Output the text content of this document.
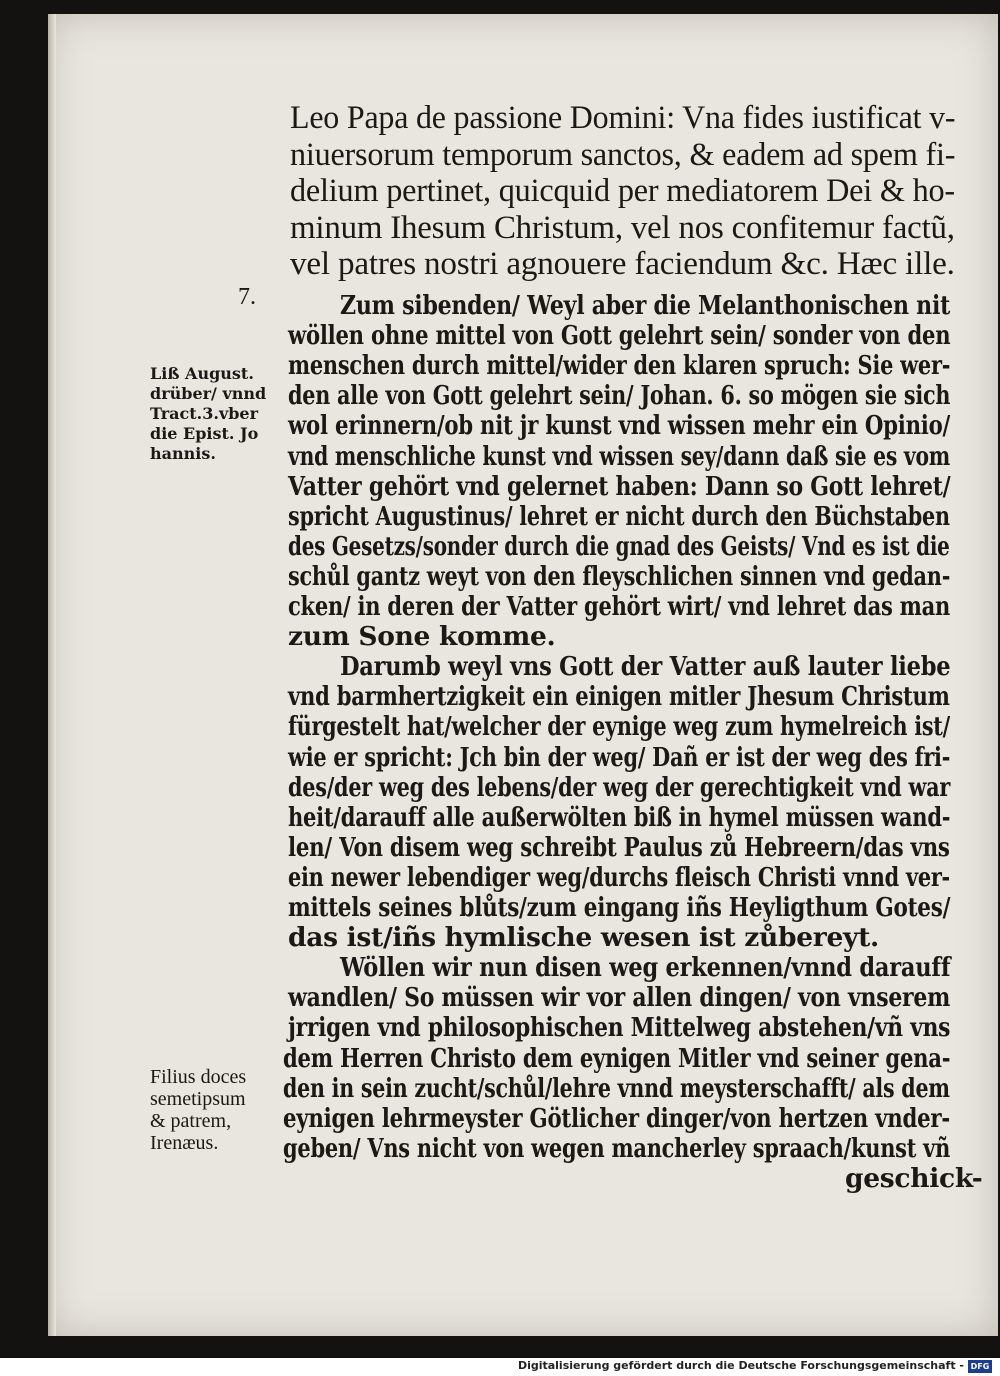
Leo Papa de passione Domini: Vna fides iustificat v-
niuersorum temporum sanctos, & eadem ad spem fi-
delium pertinet, quicquid per mediatorem Dei & ho-
minum Ihesum Christum, vel nos confitemur factũ,
vel patres nostri agnouere faciendum &c. Hæc ille.
7.	Zum sibenden/ Weyl aber die Melanthonischen nit
wöllen ohne mittel von Gott gelehrt sein/ sonder von den
menschen durch mittel/wider den klaren spruch: Sie wer-
den alle von Gott gelehrt sein/ Johan. 6. so mögen sie sich
wol erinnern/ob nit jr kunst vnd wissen mehr ein Opinio/
vnd menschliche kunst vnd wissen sey/dann daß sie es vom
Vatter gehört vnd gelernet haben: Dann so Gott lehret/
spricht Augustinus/ lehret er nicht durch den Büchstaben
des Gesetzs/sonder durch die gnad des Geists/ Vnd es ist die
schůl gantz weyt von den fleyschlichen sinnen vnd gedan-
cken/ in deren der Vatter gehört wirt/ vnd lehret das man
zum Sone komme.
Darumb weyl vns Gott der Vatter auß lauter liebe
vnd barmhertzigkeit ein einigen mitler Jhesum Christum
fürgestelt hat/welcher der eynige weg zum hymelreich ist/
wie er spricht: Jch bin der weg/ Dañ er ist der weg des fri-
des/der weg des lebens/der weg der gerechtigkeit vnd war
heit/darauff alle außerwölten biß in hymel müssen wand-
len/ Von disem weg schreibt Paulus zů Hebreern/das vns
ein newer lebendiger weg/durchs fleisch Christi vnnd ver-
mittels seines blůts/zum eingang iñs Heyligthum Gotes/
das ist/iñs hymlische wesen ist zůbereyt.
Wöllen wir nun disen weg erkennen/vnnd darauff
wandlen/ So müssen wir vor allen dingen/ von vnserem
jrrigen vnd philosophischen Mittelweg abstehen/vñ vns
dem Herren Christo dem eynigen Mitler vnd seiner gena-
den in sein zucht/schůl/lehre vnnd meysterschafft/ als dem
eynigen lehrmeyster Götlicher dinger/von hertzen vnder-
geben/ Vns nicht von wegen mancherley spraach/kunst vñ
geschick-
Liß August.
drüber/ vnnd
Tract.3.vber
die Epist. Jo
hannis.
Filius doces
semetipsum
& patrem,
Irenæus.
Digitalisierung gefördert durch die Deutsche Forschungsgemeinschaft - DFG
